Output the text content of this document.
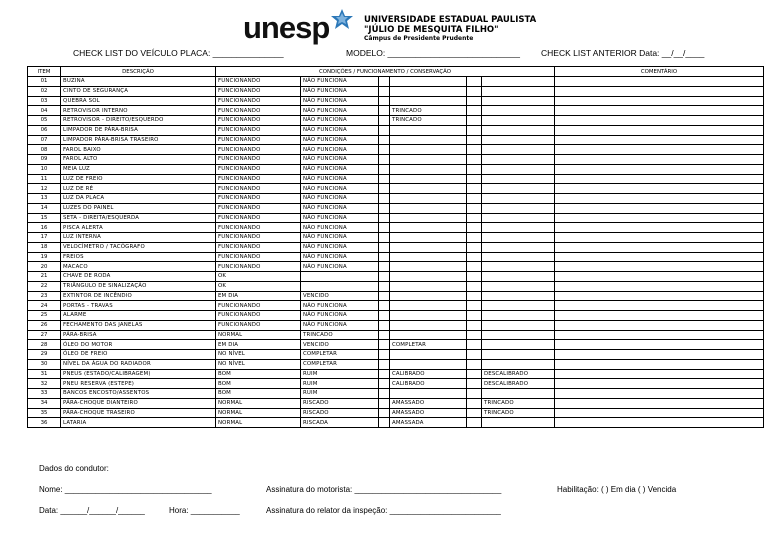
unesp	UNIVERSIDADE ESTADUAL PAULISTA
"JÚLIO DE MESQUITA FILHO"
Câmpus de Presidente Prudente
CHECK LIST DO VEÍCULO PLACA: _______________	MODELO: ____________________________ CHECK LIST ANTERIOR Data: __/__/____
ITEM	DESCRIÇÃO	CONDIÇÕES / FUNCIONAMENTO / CONSERVAÇÃO						COMENTÁRIO
01	BUZINA	FUNCIONANDO	NÃO FUNCIONA					
02	CINTO DE SEGURANÇA	FUNCIONANDO	NÃO FUNCIONA					
03	QUEBRA SOL	FUNCIONANDO	NÃO FUNCIONA					
04	RETROVISOR INTERNO	FUNCIONANDO	NÃO FUNCIONA		TRINCADO			
05	RETROVISOR - DIREITO/ESQUERDO	FUNCIONANDO	NÃO FUNCIONA		TRINCADO			
06	LIMPADOR DE PÁRA-BRISA	FUNCIONANDO	NÃO FUNCIONA					
07	LIMPADOR PÁRA-BRISA TRASEIRO	FUNCIONANDO	NÃO FUNCIONA					
08	FAROL BAIXO	FUNCIONANDO	NÃO FUNCIONA					
09	FAROL ALTO	FUNCIONANDO	NÃO FUNCIONA					
10	MEIA LUZ	FUNCIONANDO	NÃO FUNCIONA					
11	LUZ DE FREIO	FUNCIONANDO	NÃO FUNCIONA					
12	LUZ DE RÉ	FUNCIONANDO	NÃO FUNCIONA					
13	LUZ DA PLACA	FUNCIONANDO	NÃO FUNCIONA					
14	LUZES DO PAINEL	FUNCIONANDO	NÃO FUNCIONA					
15	SETA - DIREITA/ESQUERDA	FUNCIONANDO	NÃO FUNCIONA					
16	PISCA ALERTA	FUNCIONANDO	NÃO FUNCIONA					
17	LUZ INTERNA	FUNCIONANDO	NÃO FUNCIONA					
18	VELOCÍMETRO / TACÓGRAFO	FUNCIONANDO	NÃO FUNCIONA					
19	FREIOS	FUNCIONANDO	NÃO FUNCIONA					
20	MACACO	FUNCIONANDO	NÃO FUNCIONA					
21	CHAVE DE RODA	OK						
22	TRIÂNGULO DE SINALIZAÇÃO	OK						
23	EXTINTOR DE INCÊNDIO	EM DIA	VENCIDO					
24	PORTAS - TRAVAS	FUNCIONANDO	NÃO FUNCIONA					
25	ALARME	FUNCIONANDO	NÃO FUNCIONA					
26	FECHAMENTO DAS JANELAS	FUNCIONANDO	NÃO FUNCIONA					
27	PÁRA-BRISA	NORMAL	TRINCADO					
28	ÓLEO DO MOTOR	EM DIA	VENCIDO		COMPLETAR			
29	ÓLEO DE FREIO	NO NÍVEL	COMPLETAR					
30	NÍVEL DA ÁGUA DO RADIADOR	NO NÍVEL	COMPLETAR					
31	PNEUS (ESTADO/CALIBRAGEM)	BOM	RUIM		CALIBRADO		DESCALIBRADO	
32	PNEU RESERVA (ESTEPE)	BOM	RUIM		CALIBRADO		DESCALIBRADO	
33	BANCOS ENCOSTO/ASSENTOS	BOM	RUIM					
34	PÁRA-CHOQUE DIANTEIRO	NORMAL	RISCADO		AMASSADO		TRINCADO	
35	PÁRA-CHOQUE TRASEIRO	NORMAL	RISCADO		AMASSADO		TRINCADO	
36	LATARIA	NORMAL	RISCADA		AMASSADA			
Dados do condutor:
Nome: _________________________________	Assinatura do motorista: _________________________________	Habilitação: ( ) Em dia ( ) Vencida
Data: ______/______/______	Hora: ___________	Assinatura do relator da inspeção: _________________________
